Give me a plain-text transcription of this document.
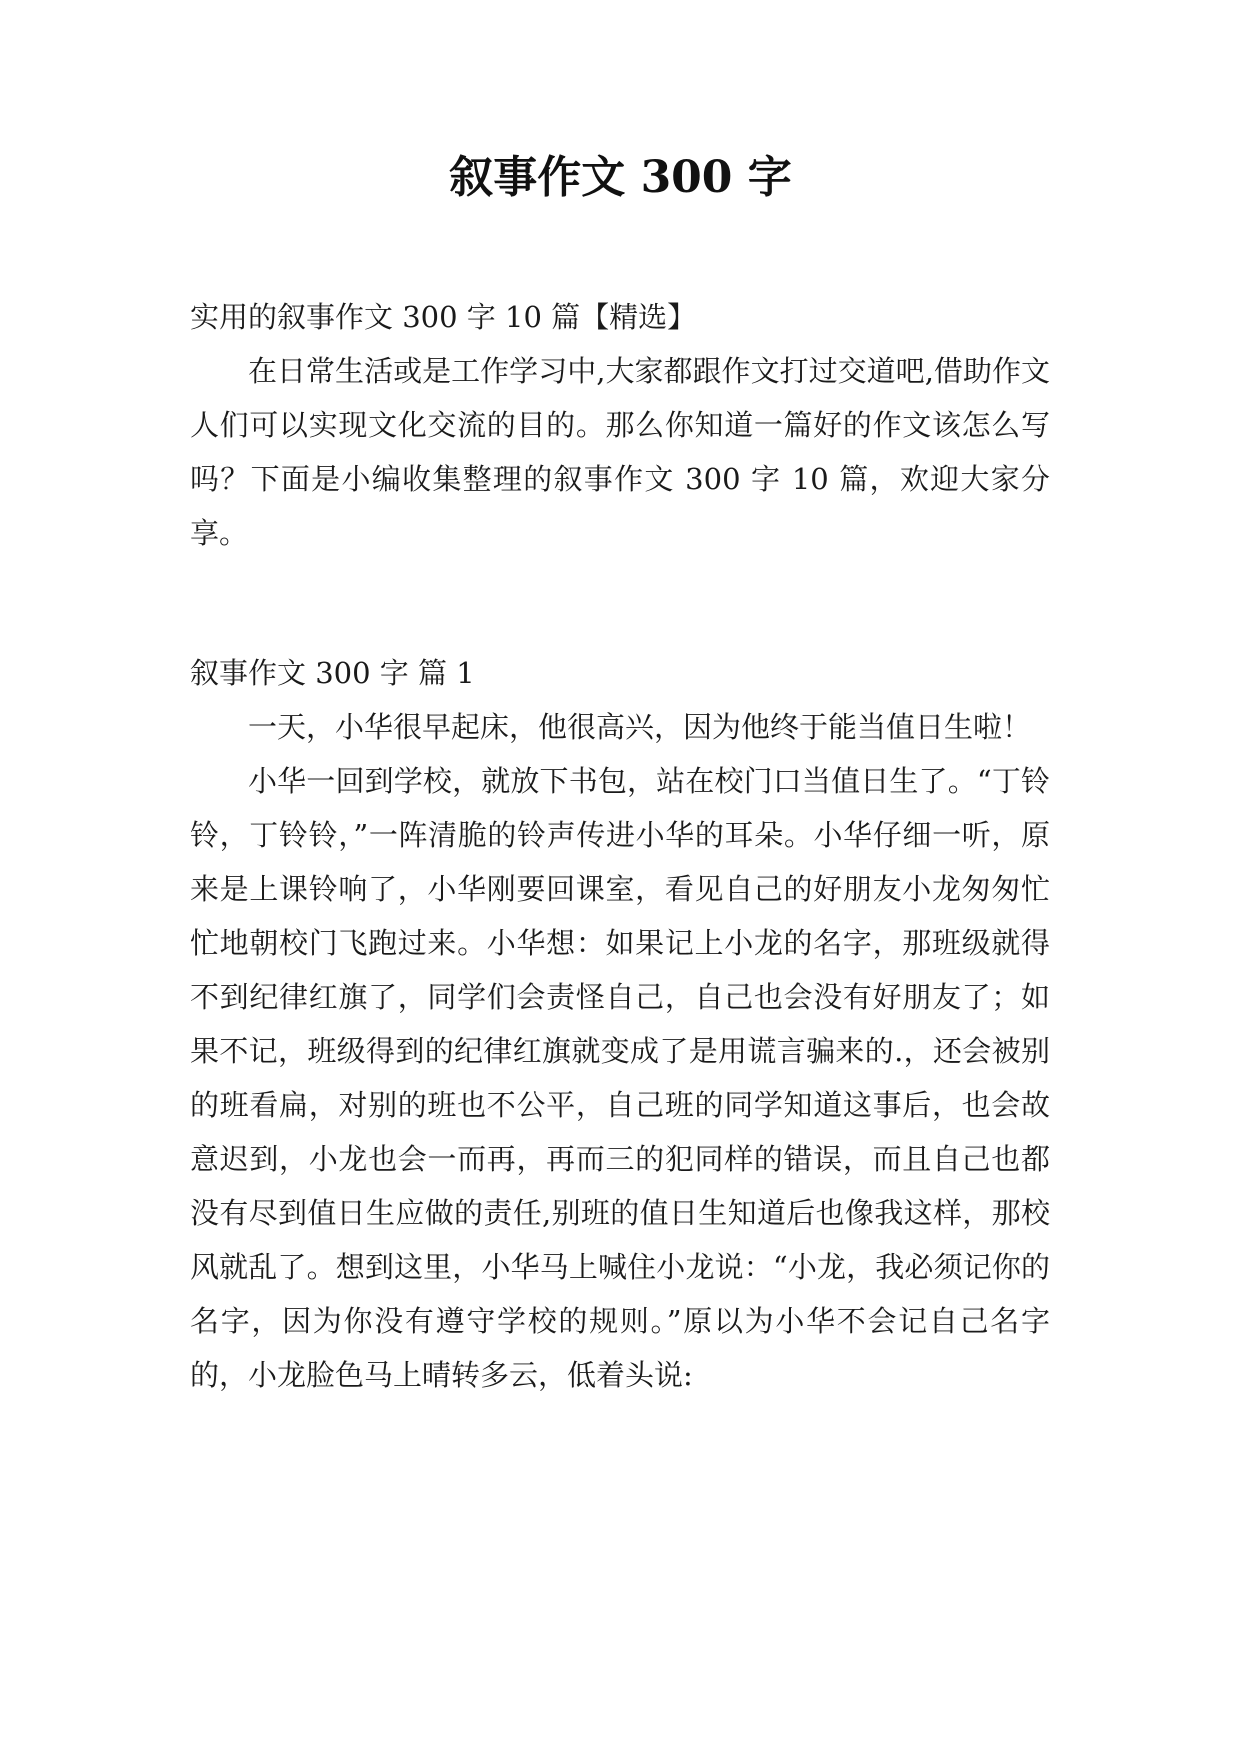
叙事作文 300 字

实用的叙事作文 300 字 10 篇【精选】

在日常生活或是工作学习中,大家都跟作文打过交道吧,借助作文人们可以实现文化交流的目的。那么你知道一篇好的作文该怎么写吗？下面是小编收集整理的叙事作文 300 字 10 篇，欢迎大家分享。

叙事作文 300 字 篇 1

一天，小华很早起床，他很高兴，因为他终于能当值日生啦！

小华一回到学校，就放下书包，站在校门口当值日生了。“丁铃铃，丁铃铃，”一阵清脆的铃声传进小华的耳朵。小华仔细一听，原来是上课铃响了，小华刚要回课室，看见自己的好朋友小龙匆匆忙忙地朝校门飞跑过来。小华想：如果记上小龙的名字，那班级就得不到纪律红旗了，同学们会责怪自己，自己也会没有好朋友了；如果不记，班级得到的纪律红旗就变成了是用谎言骗来的.，还会被别的班看扁，对别的班也不公平，自己班的同学知道这事后，也会故意迟到，小龙也会一而再，再而三的犯同样的错误，而且自己也都没有尽到值日生应做的责任,别班的值日生知道后也像我这样，那校风就乱了。想到这里，小华马上喊住小龙说：“小龙，我必须记你的名字，因为你没有遵守学校的规则。”原以为小华不会记自己名字的，小龙脸色马上晴转多云，低着头说:
